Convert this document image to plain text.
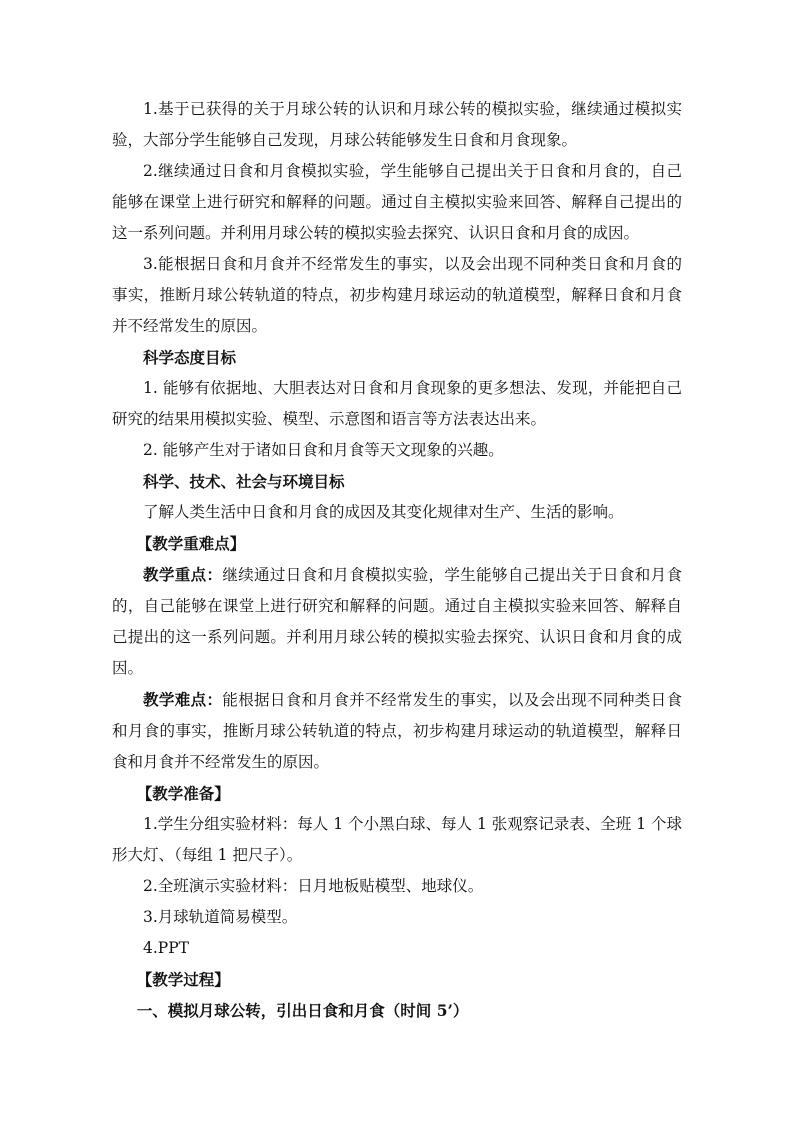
1.基于已获得的关于月球公转的认识和月球公转的模拟实验，继续通过模拟实验，大部分学生能够自己发现，月球公转能够发生日食和月食现象。

2.继续通过日食和月食模拟实验，学生能够自己提出关于日食和月食的，自己能够在课堂上进行研究和解释的问题。通过自主模拟实验来回答、解释自己提出的这一系列问题。并利用月球公转的模拟实验去探究、认识日食和月食的成因。

3.能根据日食和月食并不经常发生的事实，以及会出现不同种类日食和月食的事实，推断月球公转轨道的特点，初步构建月球运动的轨道模型，解释日食和月食并不经常发生的原因。

科学态度目标

1. 能够有依据地、大胆表达对日食和月食现象的更多想法、发现，并能把自己研究的结果用模拟实验、模型、示意图和语言等方法表达出来。

2. 能够产生对于诸如日食和月食等天文现象的兴趣。

科学、技术、社会与环境目标

了解人类生活中日食和月食的成因及其变化规律对生产、生活的影响。

【教学重难点】

教学重点：继续通过日食和月食模拟实验，学生能够自己提出关于日食和月食的，自己能够在课堂上进行研究和解释的问题。通过自主模拟实验来回答、解释自己提出的这一系列问题。并利用月球公转的模拟实验去探究、认识日食和月食的成因。

教学难点：能根据日食和月食并不经常发生的事实，以及会出现不同种类日食和月食的事实，推断月球公转轨道的特点，初步构建月球运动的轨道模型，解释日食和月食并不经常发生的原因。

【教学准备】

1.学生分组实验材料：每人 1 个小黑白球、每人 1 张观察记录表、全班 1 个球形大灯、（每组 1 把尺子）。

2.全班演示实验材料：日月地板贴模型、地球仪。

3.月球轨道简易模型。

4.PPT

【教学过程】

一、模拟月球公转，引出日食和月食（时间 5’）
